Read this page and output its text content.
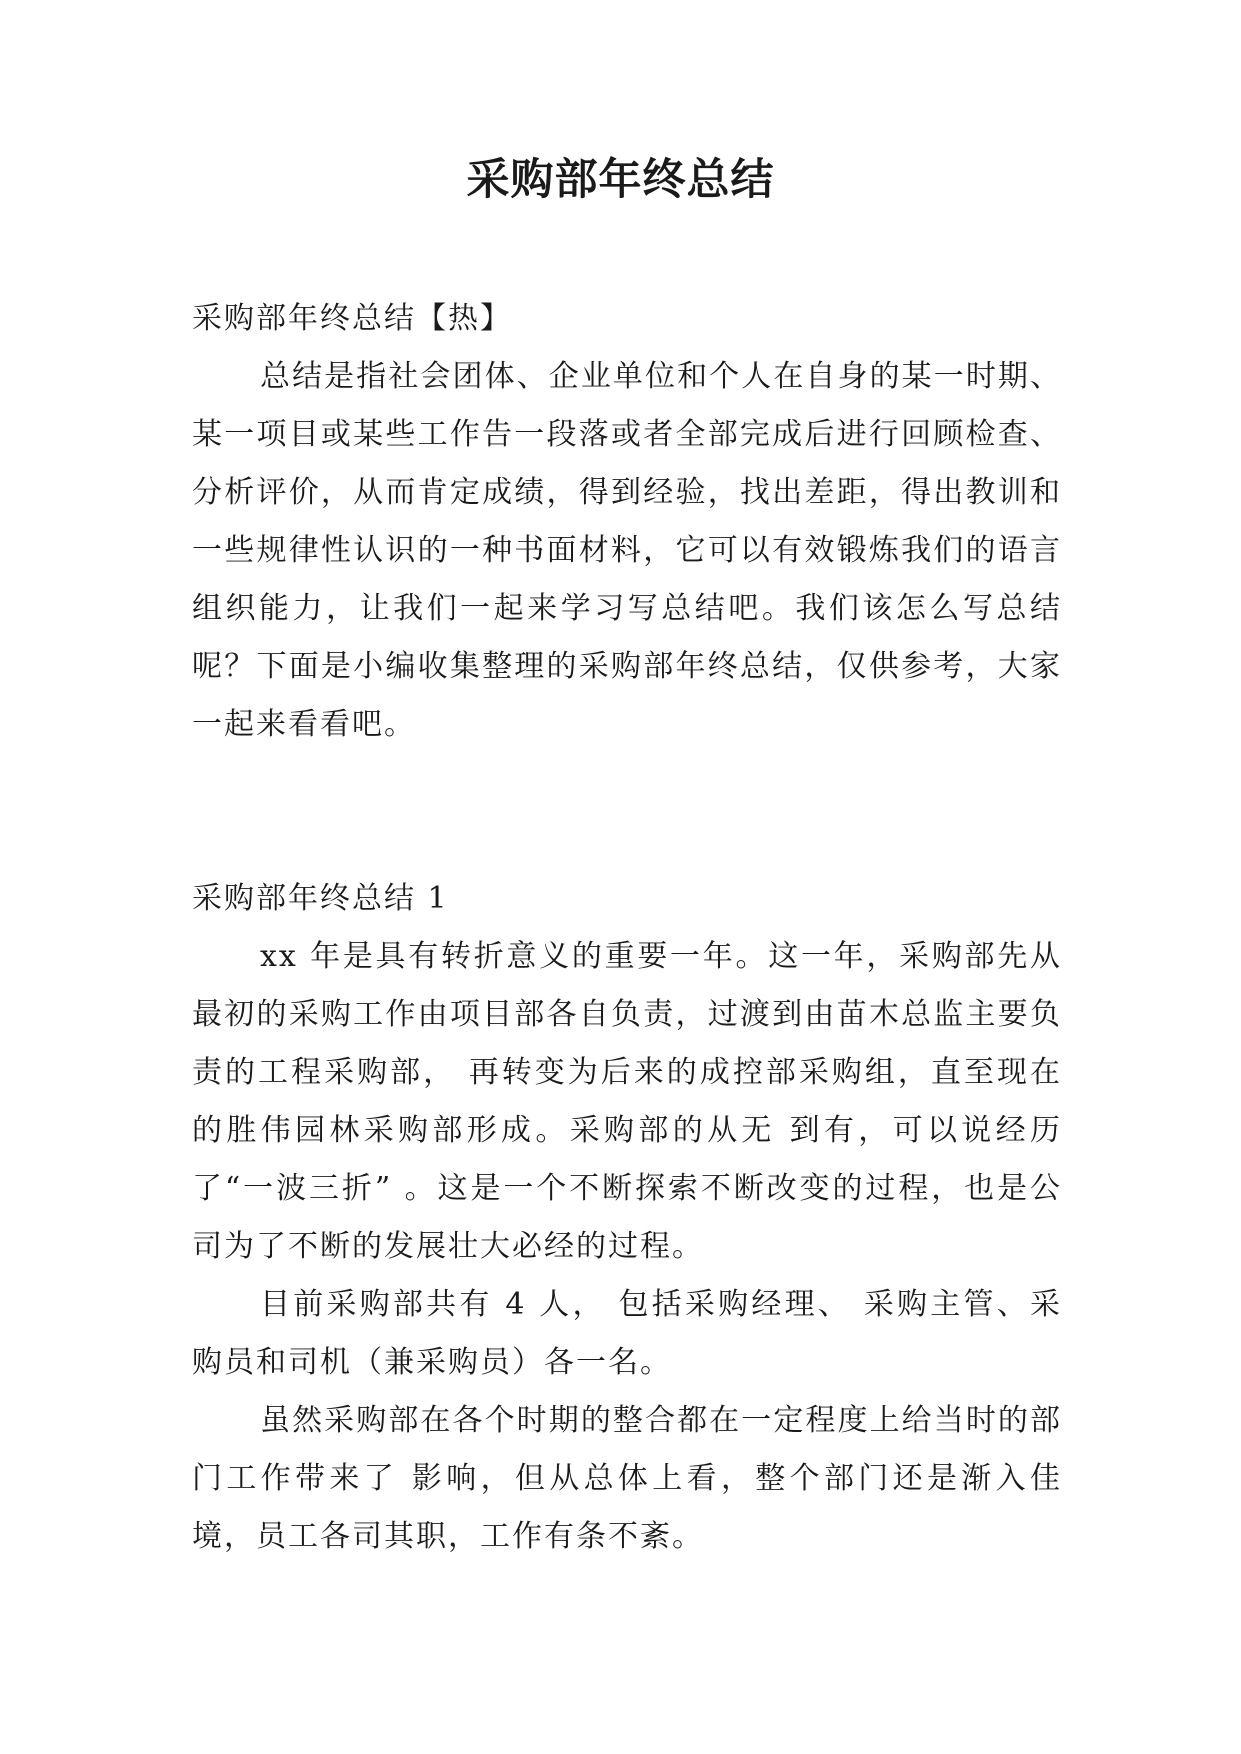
采购部年终总结

采购部年终总结【热】

总结是指社会团体、企业单位和个人在自身的某一时期、某一项目或某些工作告一段落或者全部完成后进行回顾检查、分析评价，从而肯定成绩，得到经验，找出差距，得出教训和一些规律性认识的一种书面材料，它可以有效锻炼我们的语言组织能力，让我们一起来学习写总结吧。我们该怎么写总结呢？下面是小编收集整理的采购部年终总结，仅供参考，大家一起来看看吧。

采购部年终总结 1

xx 年是具有转折意义的重要一年。这一年，采购部先从最初的采购工作由项目部各自负责，过渡到由苗木总监主要负责的工程采购部， 再转变为后来的成控部采购组，直至现在的胜伟园林采购部形成。采购部的从无 到有，可以说经历了“一波三折” 。这是一个不断探索不断改变的过程，也是公 司为了不断的发展壮大必经的过程。

目前采购部共有 4 人， 包括采购经理、 采购主管、采购员和司机（兼采购员）各一名。

虽然采购部在各个时期的整合都在一定程度上给当时的部门工作带来了 影响，但从总体上看，整个部门还是渐入佳境，员工各司其职，工作有条不紊。
